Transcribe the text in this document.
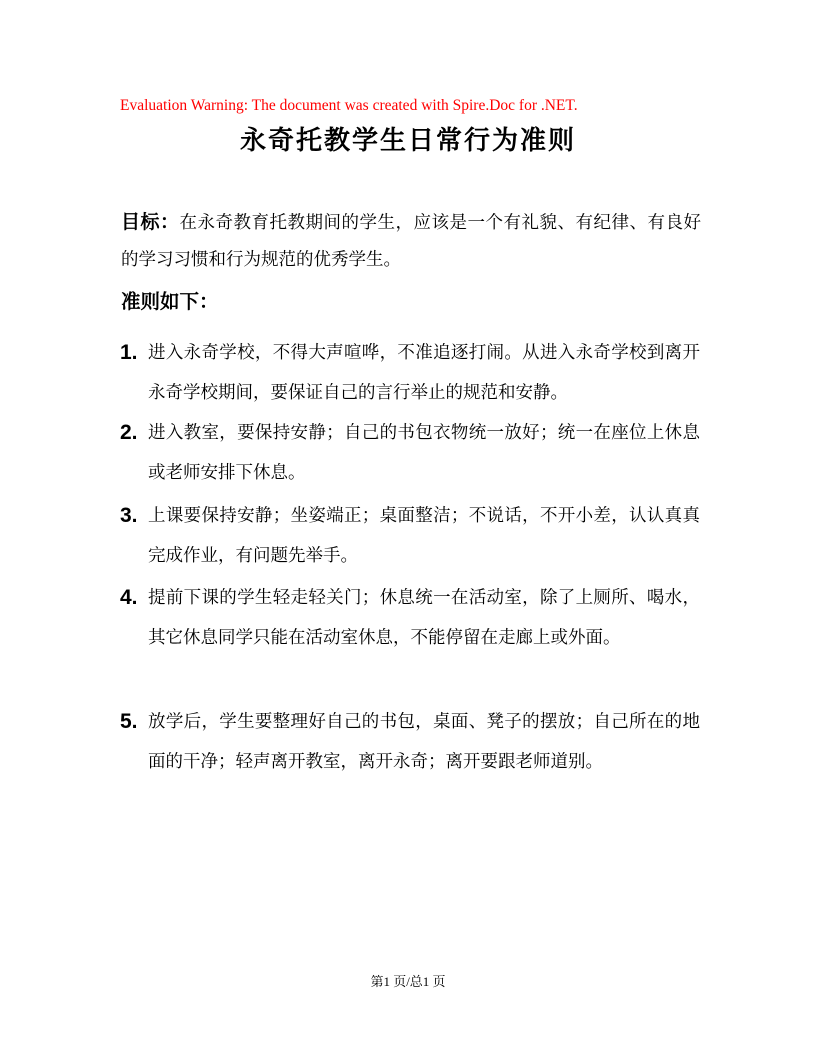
Evaluation Warning: The document was created with Spire.Doc for .NET.
永奇托教学生日常行为准则
目标：在永奇教育托教期间的学生，应该是一个有礼貌、有纪律、有良好的学习习惯和行为规范的优秀学生。
准则如下：
1. 进入永奇学校，不得大声喧哗，不准追逐打闹。从进入永奇学校到离开永奇学校期间，要保证自己的言行举止的规范和安静。
2. 进入教室，要保持安静；自己的书包衣物统一放好；统一在座位上休息或老师安排下休息。
3. 上课要保持安静；坐姿端正；桌面整洁；不说话，不开小差，认认真真完成作业，有问题先举手。
4. 提前下课的学生轻走轻关门；休息统一在活动室，除了上厕所、喝水，其它休息同学只能在活动室休息，不能停留在走廊上或外面。
5. 放学后，学生要整理好自己的书包，桌面、凳子的摆放；自己所在的地面的干净；轻声离开教室，离开永奇；离开要跟老师道别。
第1 页/总1 页
